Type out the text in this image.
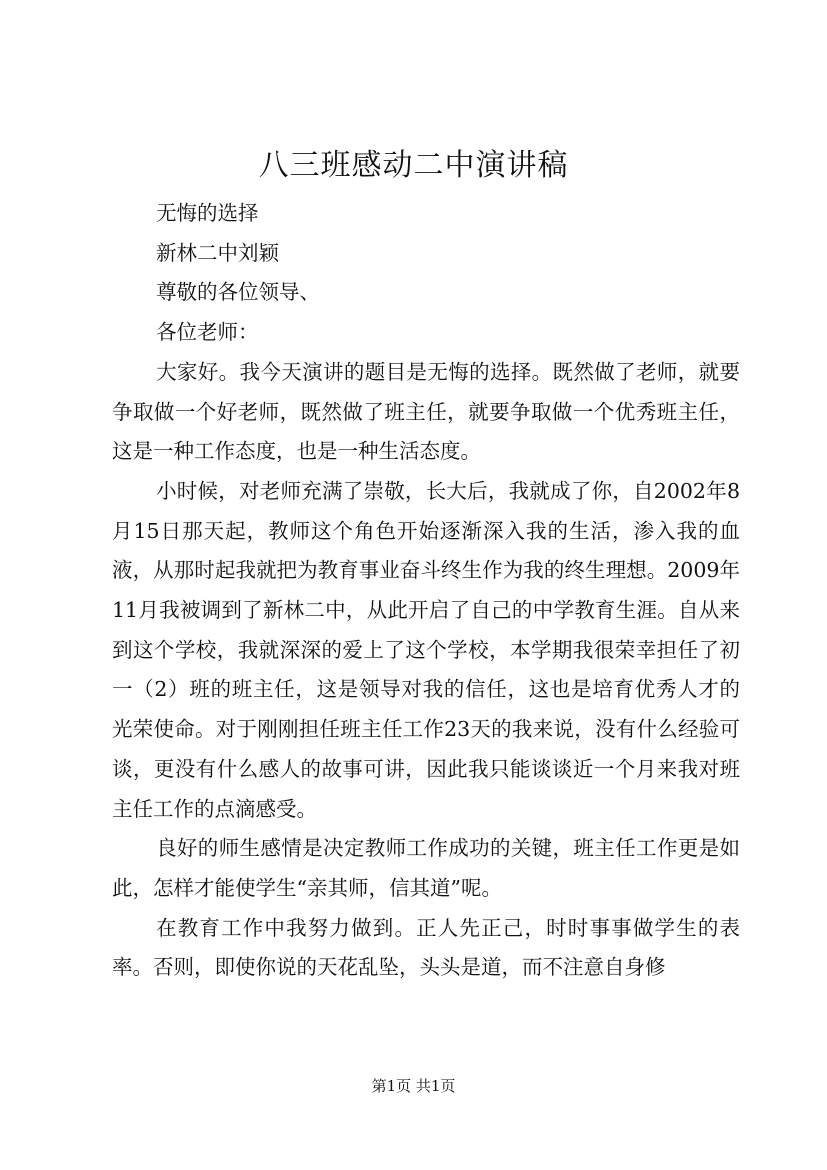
八三班感动二中演讲稿

无悔的选择

新林二中刘颖

尊敬的各位领导、

各位老师：

大家好。我今天演讲的题目是无悔的选择。既然做了老师，就要争取做一个好老师，既然做了班主任，就要争取做一个优秀班主任，这是一种工作态度，也是一种生活态度。

小时候，对老师充满了崇敬，长大后，我就成了你，自2002年8月15日那天起，教师这个角色开始逐渐深入我的生活，渗入我的血液，从那时起我就把为教育事业奋斗终生作为我的终生理想。2009年11月我被调到了新林二中，从此开启了自己的中学教育生涯。自从来到这个学校，我就深深的爱上了这个学校，本学期我很荣幸担任了初一（2）班的班主任，这是领导对我的信任，这也是培育优秀人才的光荣使命。对于刚刚担任班主任工作23天的我来说，没有什么经验可谈，更没有什么感人的故事可讲，因此我只能谈谈近一个月来我对班主任工作的点滴感受。

良好的师生感情是决定教师工作成功的关键，班主任工作更是如此，怎样才能使学生“亲其师，信其道”呢。

在教育工作中我努力做到。正人先正己，时时事事做学生的表率。否则，即使你说的天花乱坠，头头是道，而不注意自身修

第1页 共1页
